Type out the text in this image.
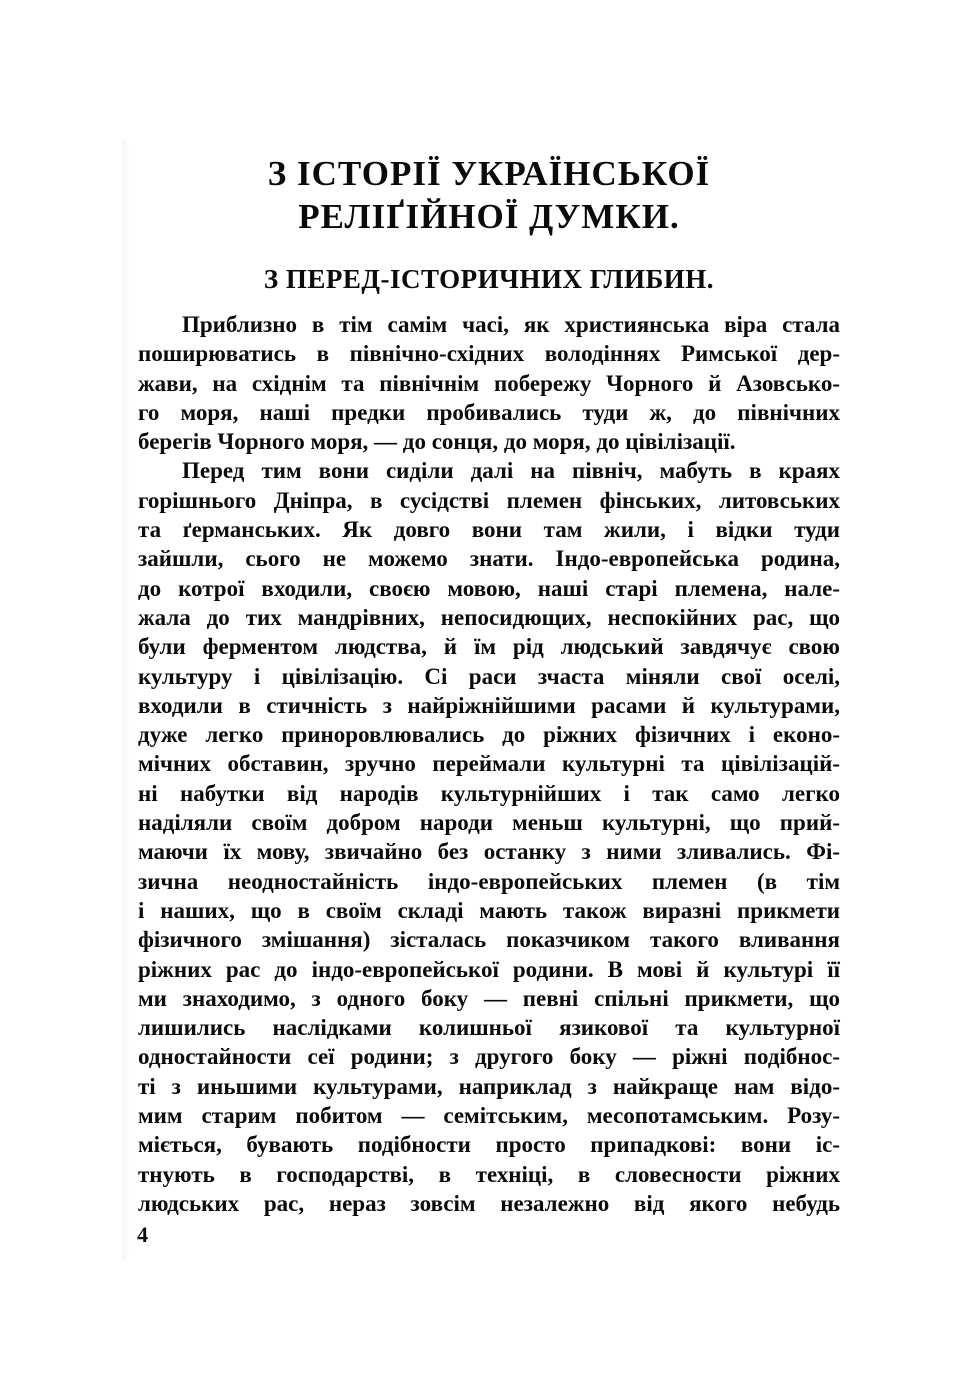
З ІСТОРІЇ УКРАЇНСЬКОЇ
РЕЛІҐІЙНОЇ ДУМКИ.
З ПЕРЕД-ІСТОРИЧНИХ ГЛИБИН.

Приблизно в тім самім часі, як християнська віра стала
поширюватись в північно-східних володіннях Римської дер-
жави, на східнім та північнім побережу Чорного й Азовсько-
го моря, наші предки пробивались туди ж, до північних
берегів Чорного моря, — до сонця, до моря, до цівілізації.

Перед тим вони сиділи далі на північ, мабуть в краях
горішнього Дніпра, в сусідстві племен фінських, литовських
та ґерманських. Як довго вони там жили, і відки туди
зайшли, сього не можемо знати. Індо-европейська родина,
до котрої входили, своєю мовою, наші старі племена, нале-
жала до тих мандрівних, непосидющих, неспокійних рас, що
були ферментом людства, й їм рід людський завдячує свою
культуру і цівілізацію. Сі раси зчаста міняли свої оселі,
входили в стичність з найріжнійшими расами й культурами,
дуже легко приноровлювались до ріжних фізичних і еконо-
мічних обставин, зручно переймали культурні та цівілізацій-
ні набутки від народів культурнійших і так само легко
наділяли своїм добром народи меньш культурні, що прий-
маючи їх мову, звичайно без останку з ними зливались. Фі-
зична неодностайність індо-европейських племен (в тім
і наших, що в своїм складі мають також виразні прикмети
фізичного змішання) зісталась показчиком такого вливання
ріжних рас до індо-европейської родини. В мові й культурі її
ми знаходимо, з одного боку — певні спільні прикмети, що
лишились наслідками колишньої язикової та культурної
одностайности сеї родини; з другого боку — ріжні подібнос-
ті з иньшими культурами, наприклад з найкраще нам відо-
мим старим побитом — семітським, месопотамським. Розу-
міється, бувають подібности просто припадкові: вони іс-
тнують в господарстві, в техніці, в словесности ріжних
людських рас, нераз зовсім незалежно від якого небудь

4
